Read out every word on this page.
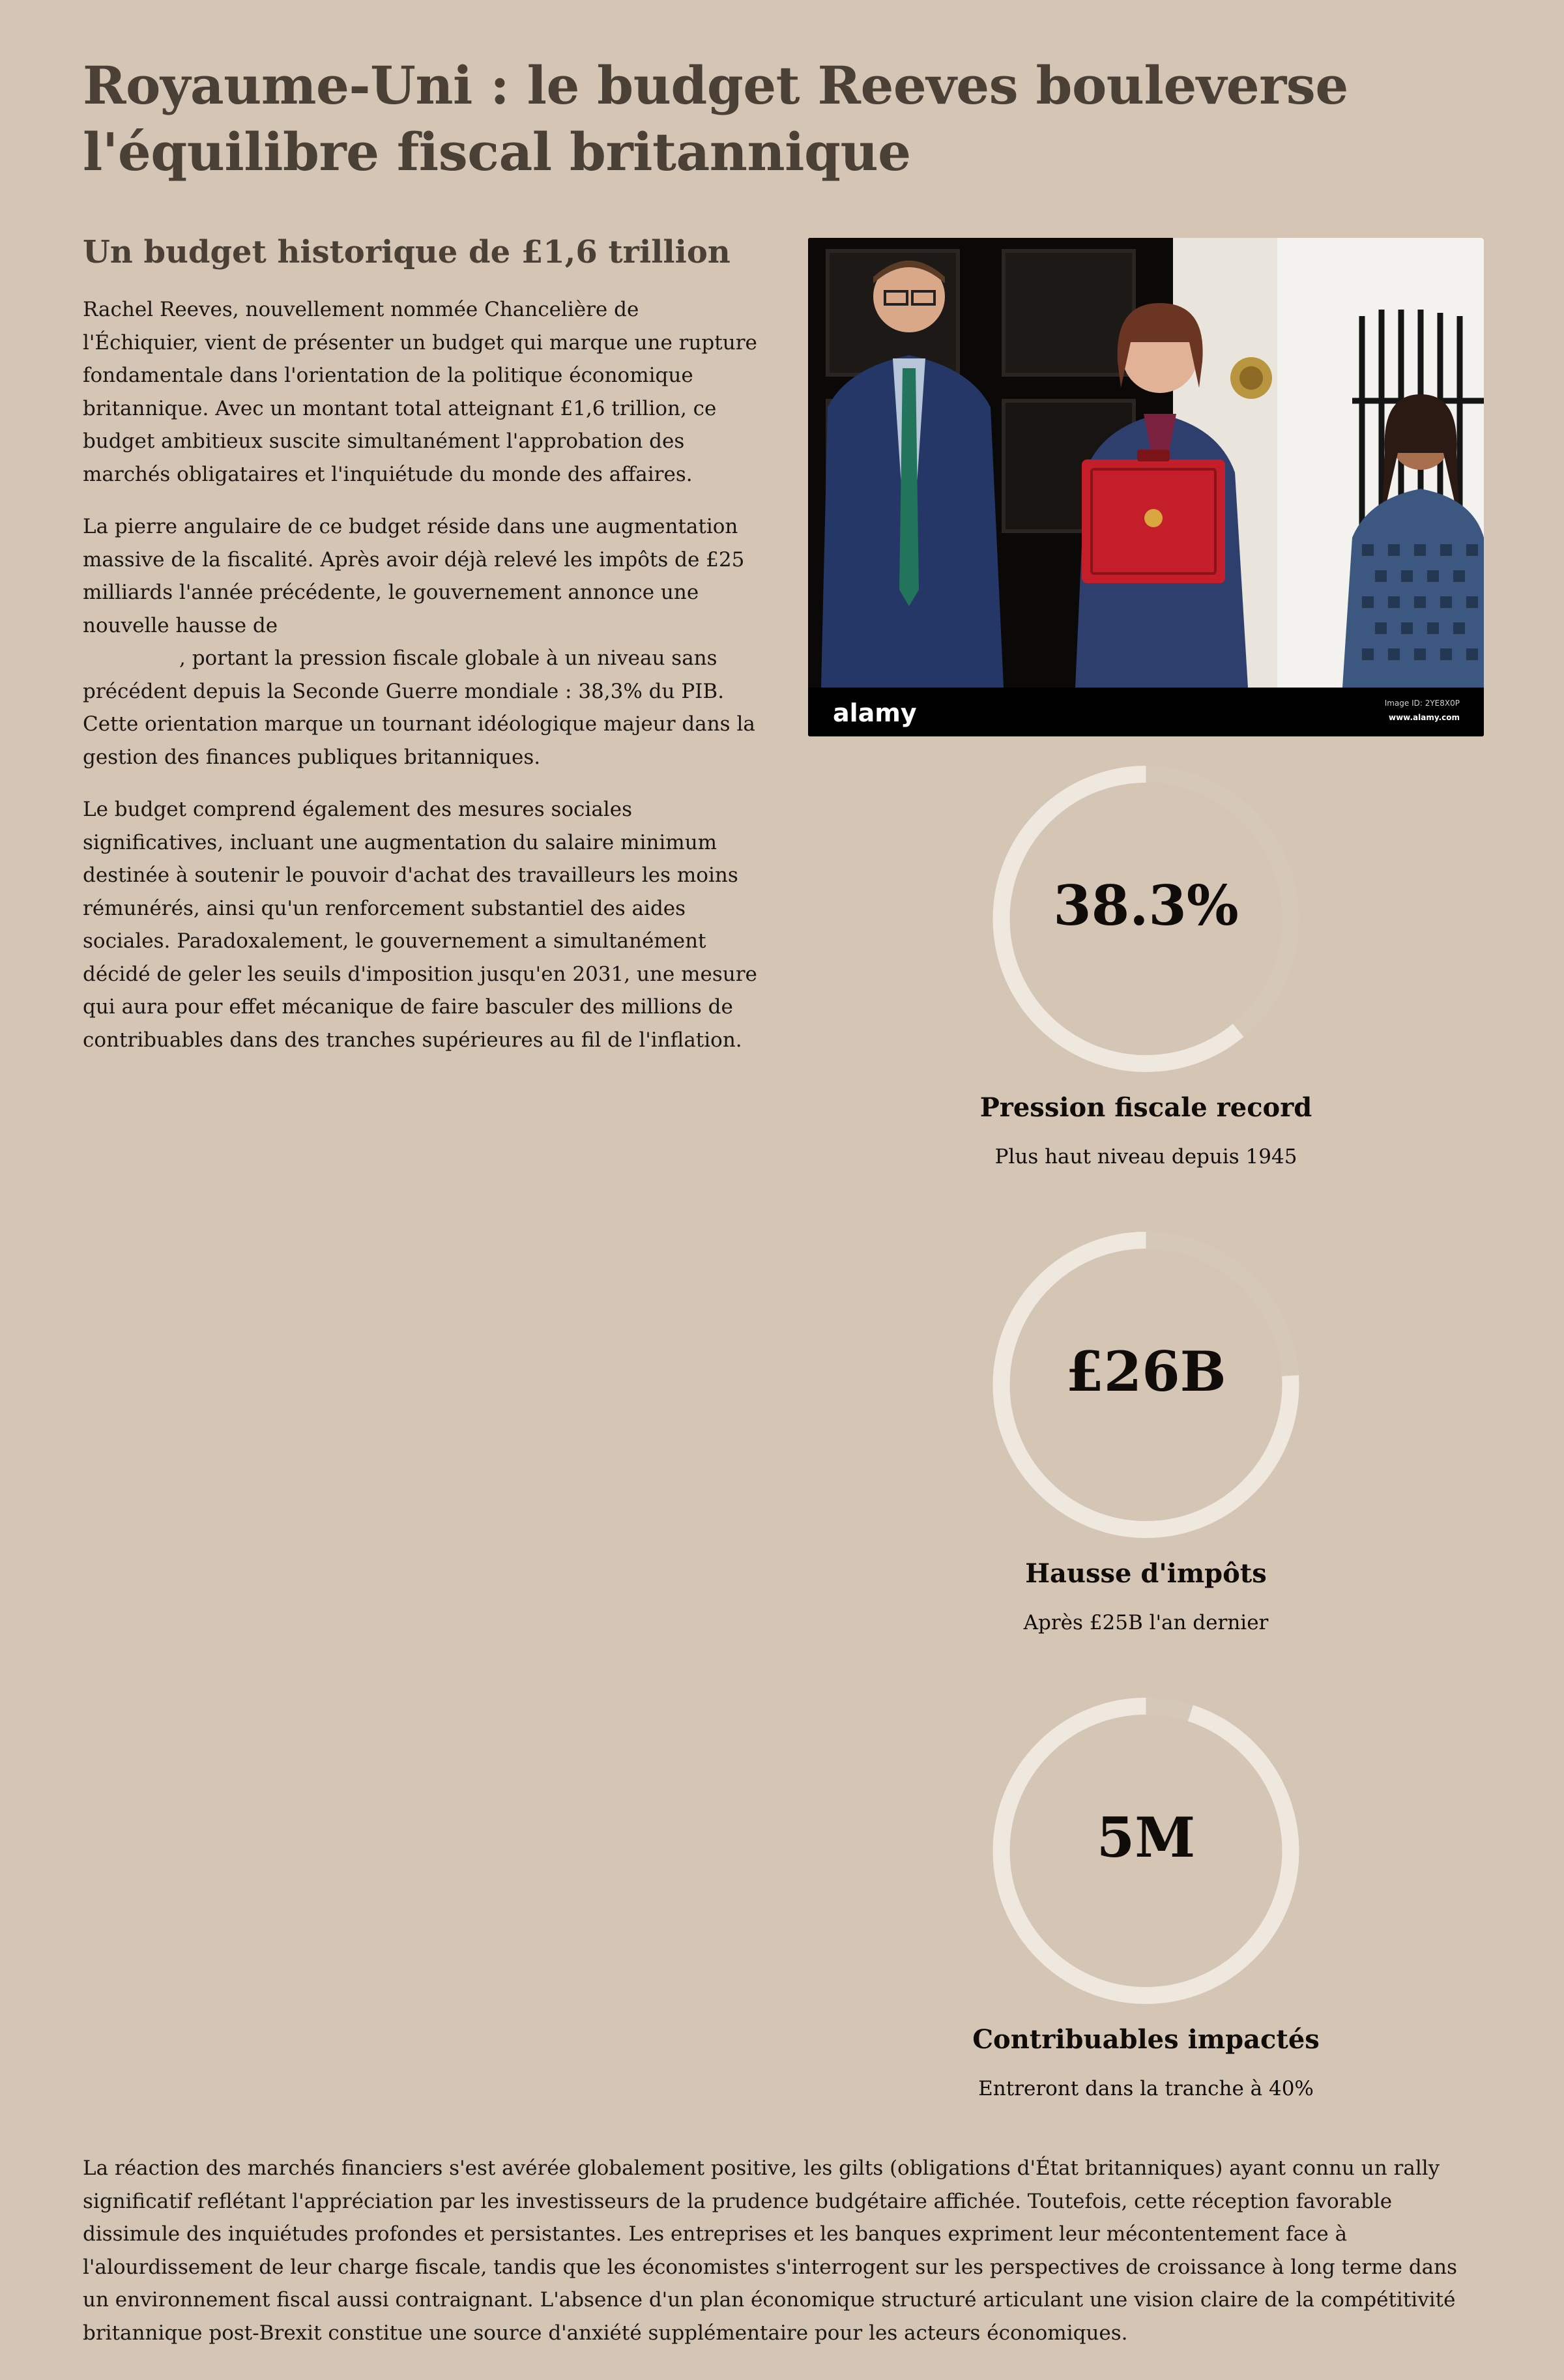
Royaume-Uni : le budget Reeves bouleverse l'équilibre fiscal britannique
Un budget historique de £1,6 trillion

Rachel Reeves, nouvellement nommée Chancelière de l'Échiquier, vient de présenter un budget qui marque une rupture fondamentale dans l'orientation de la politique économique britannique. Avec un montant total atteignant £1,6 trillion, ce budget ambitieux suscite simultanément l'approbation des marchés obligataires et l'inquiétude du monde des affaires.

La pierre angulaire de ce budget réside dans une augmentation massive de la fiscalité. Après avoir déjà relevé les impôts de £25 milliards l'année précédente, le gouvernement annonce une nouvelle hausse de
, portant la pression fiscale globale à un niveau sans précédent depuis la Seconde Guerre mondiale : 38,3% du PIB. Cette orientation marque un tournant idéologique majeur dans la gestion des finances publiques britanniques.

Le budget comprend également des mesures sociales significatives, incluant une augmentation du salaire minimum destinée à soutenir le pouvoir d'achat des travailleurs les moins rémunérés, ainsi qu'un renforcement substantiel des aides sociales. Paradoxalement, le gouvernement a simultanément décidé de geler les seuils d'imposition jusqu'en 2031, une mesure qui aura pour effet mécanique de faire basculer des millions de contribuables dans des tranches supérieures au fil de l'inflation.

alamy	Image ID: 2YE8X0P
www.alamy.com
38.3%
Pression fiscale record
Plus haut niveau depuis 1945
£26B
Hausse d'impôts
Après £25B l'an dernier
5M
Contribuables impactés
Entreront dans la tranche à 40%

La réaction des marchés financiers s'est avérée globalement positive, les gilts (obligations d'État britanniques) ayant connu un rally significatif reflétant l'appréciation par les investisseurs de la prudence budgétaire affichée. Toutefois, cette réception favorable dissimule des inquiétudes profondes et persistantes. Les entreprises et les banques expriment leur mécontentement face à l'alourdissement de leur charge fiscale, tandis que les économistes s'interrogent sur les perspectives de croissance à long terme dans un environnement fiscal aussi contraignant. L'absence d'un plan économique structuré articulant une vision claire de la compétitivité britannique post-Brexit constitue une source d'anxiété supplémentaire pour les acteurs économiques.
